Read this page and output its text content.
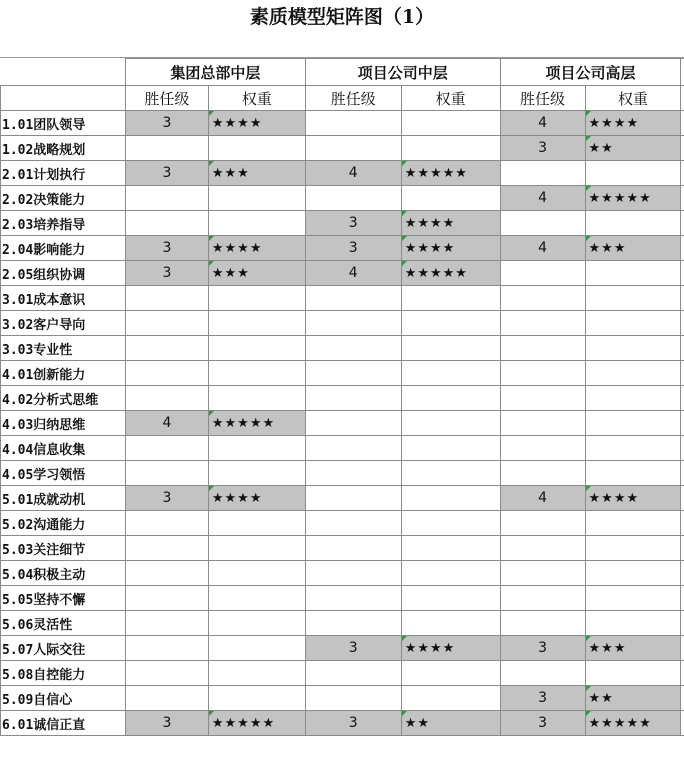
素质模型矩阵图（1）
	集团总部中层		项目公司中层		项目公司高层		
	胜任级	权重	胜任级	权重	胜任级	权重	
1.01团队领导	3	★★★★			4	★★★★	
1.02战略规划					3	★★	
2.01计划执行	3	★★★	4	★★★★★			
2.02决策能力					4	★★★★★	
2.03培养指导			3	★★★★			
2.04影响能力	3	★★★★	3	★★★★	4	★★★	
2.05组织协调	3	★★★	4	★★★★★			
3.01成本意识							
3.02客户导向							
3.03专业性							
4.01创新能力							
4.02分析式思维							
4.03归纳思维	4	★★★★★					
4.04信息收集							
4.05学习领悟							
5.01成就动机	3	★★★★			4	★★★★	
5.02沟通能力							
5.03关注细节							
5.04积极主动							
5.05坚持不懈							
5.06灵活性							
5.07人际交往			3	★★★★	3	★★★	
5.08自控能力							
5.09自信心					3	★★	
6.01诚信正直	3	★★★★★	3	★★	3	★★★★★	
